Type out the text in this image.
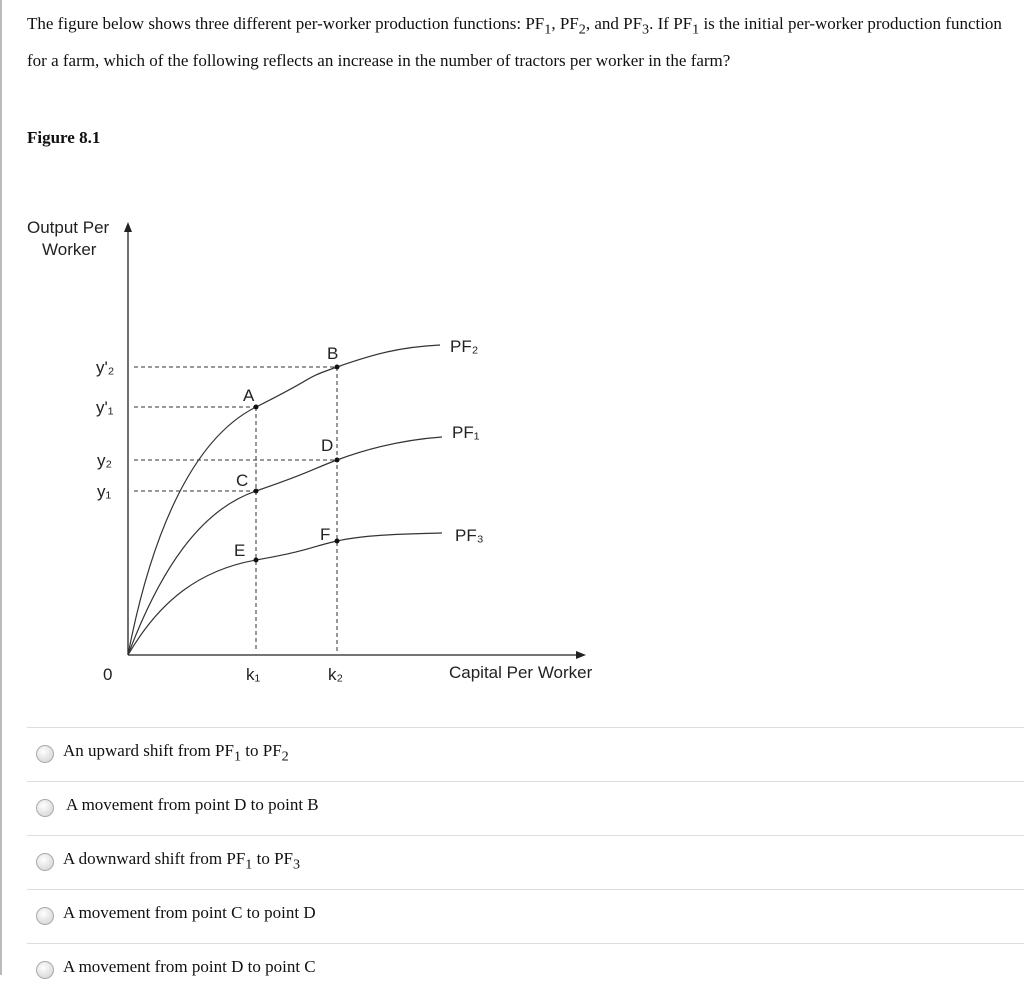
The figure below shows three different per-worker production functions: $PF_1$, $PF_2$, and $PF_3$. If $PF_1$ is the initial per-worker production function for a farm, which of the following reflects an increase in the number of tractors per worker in the farm?
Figure 8.1
Output Per
Worker
Capital Per Worker
0
y'₂
y'₁
y₂
y₁
k₁	k₂
PF₂
PF₁
PF₃
B
A
D
C
F
E
An upward shift from $PF_1$ to $PF_2$
A movement from point D to point B
A downward shift from $PF_1$ to $PF_3$
A movement from point C to point D
A movement from point D to point C
